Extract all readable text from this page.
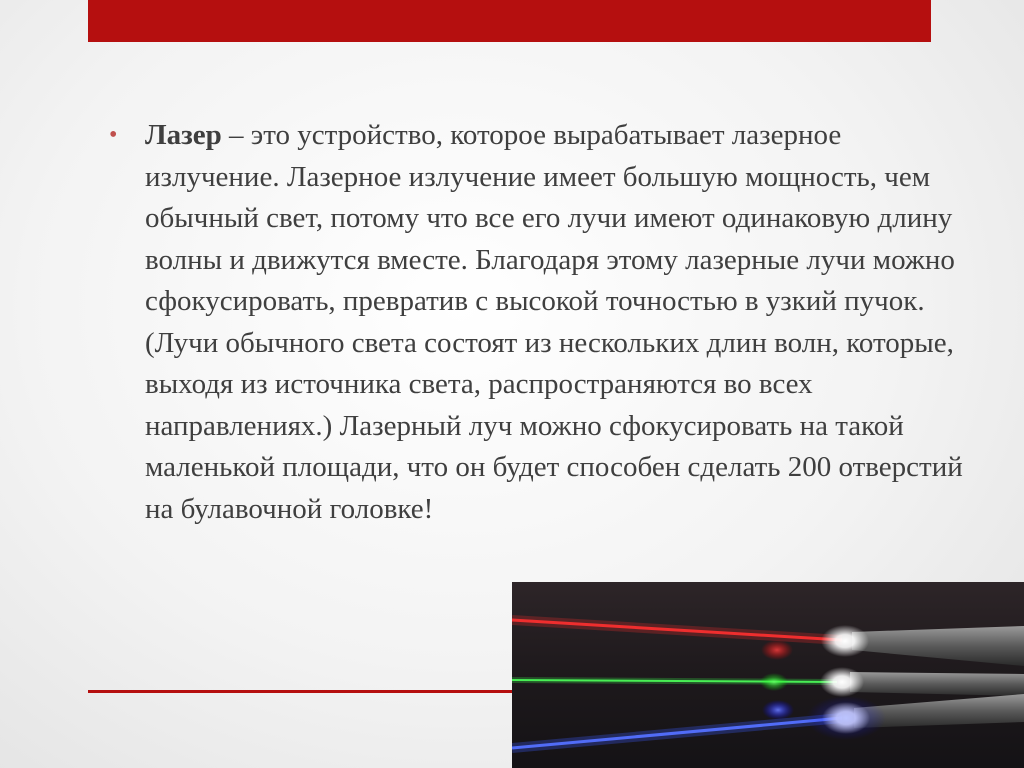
• Лазер – это устройство, которое вырабатывает лазерное излучение. Лазерное излучение имеет большую мощность, чем обычный свет, потому что все его лучи имеют одинаковую длину волны и движутся вместе. Благодаря этому лазерные лучи можно сфокусировать, превратив с высокой точностью в узкий пучок. (Лучи обычного света состоят из нескольких длин волн, которые, выходя из источника света, распространяются во всех направлениях.) Лазерный луч можно сфокусировать на такой маленькой площади, что он будет способен сделать 200 отверстий на булавочной головке!
